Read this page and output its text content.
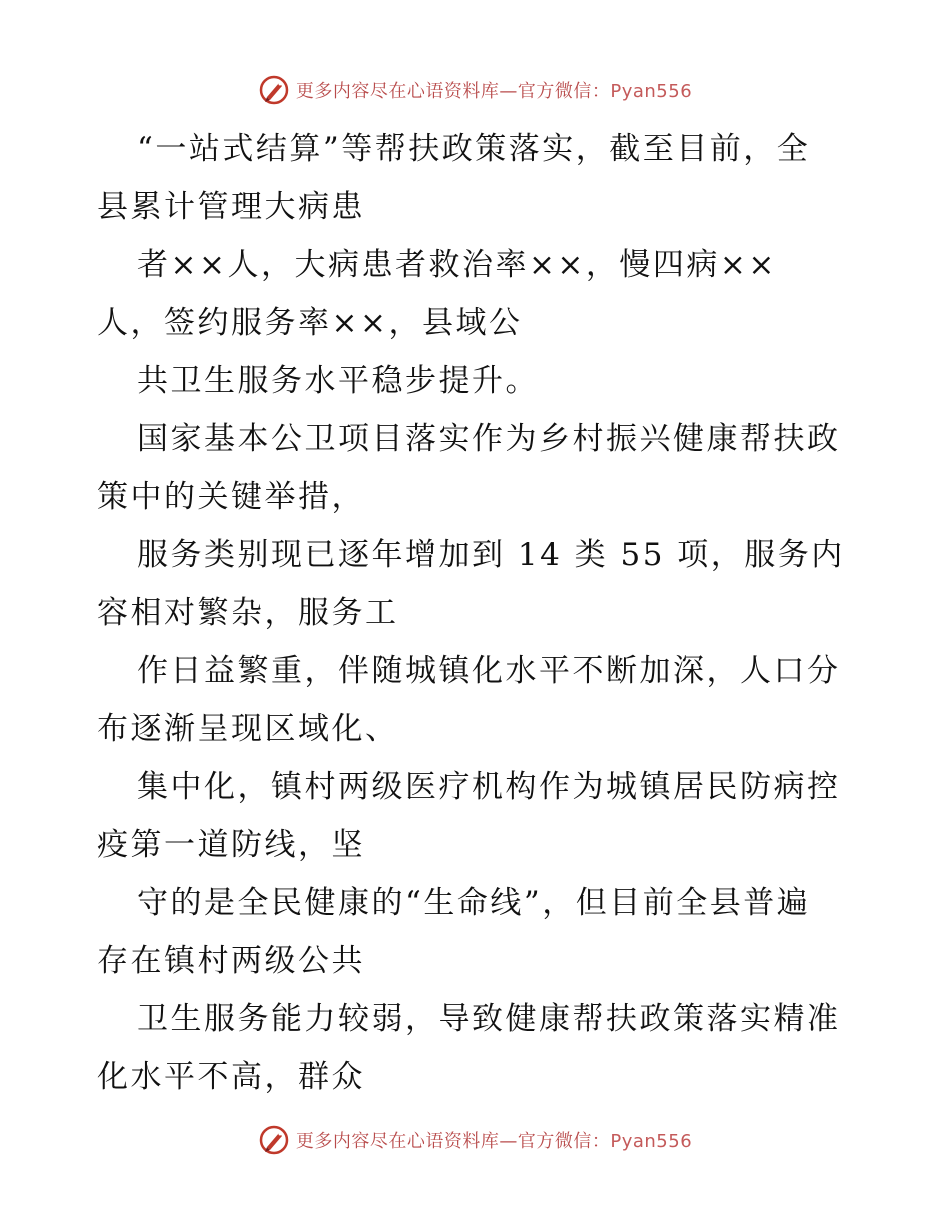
更多内容尽在心语资料库—官方微信：Pyan556
“一站式结算”等帮扶政策落实，截至目前，全
县累计管理大病患
者××人，大病患者救治率××，慢四病××
人，签约服务率××，县域公
共卫生服务水平稳步提升。
国家基本公卫项目落实作为乡村振兴健康帮扶政
策中的关键举措，
服务类别现已逐年增加到 14 类 55 项，服务内
容相对繁杂，服务工
作日益繁重，伴随城镇化水平不断加深，人口分
布逐渐呈现区域化、
集中化，镇村两级医疗机构作为城镇居民防病控
疫第一道防线，坚
守的是全民健康的“生命线”，但目前全县普遍
存在镇村两级公共
卫生服务能力较弱，导致健康帮扶政策落实精准
化水平不高，群众
更多内容尽在心语资料库—官方微信：Pyan556
